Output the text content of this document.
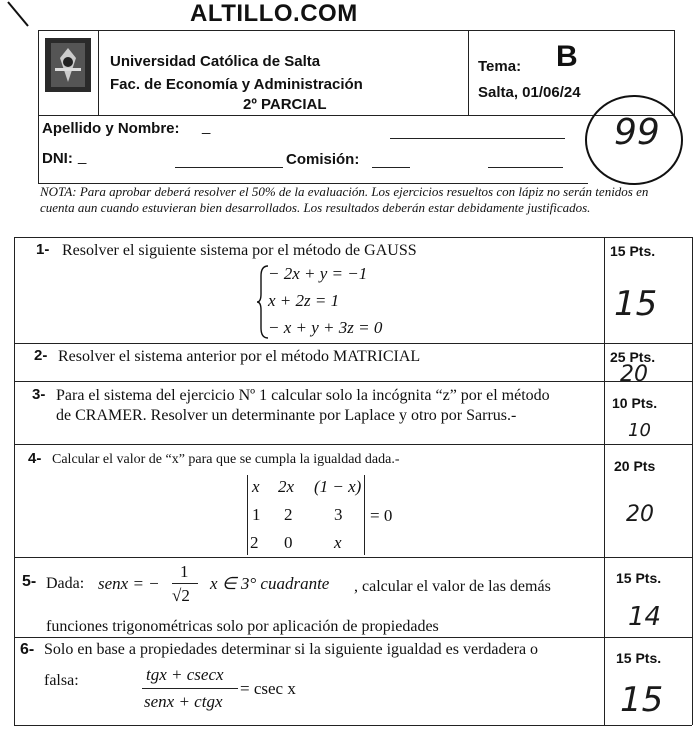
ALTILLO.COM
Universidad Católica de Salta
Fac. de Economía y Administración
2º PARCIAL
Tema: B
Salta, 01/06/24
99
Apellido y Nombre: _
DNI: _	Comisión:
NOTA: Para aprobar deberá resolver el 50% de la evaluación. Los ejercicios resueltos con lápiz no serán tenidos en cuenta aun cuando estuvieran bien desarrollados. Los resultados deberán estar debidamente justificados.
1- Resolver el siguiente sistema por el método de GAUSS
− 2x + y = −1
x + 2z = 1
− x + y + 3z = 0
15 Pts.
15
2- Resolver el sistema anterior por el método MATRICIAL	25 Pts.
20
3- Para el sistema del ejercicio Nº 1 calcular solo la incógnita “z” por el método
de CRAMER. Resolver un determinante por Laplace y otro por Sarrus.-
10 Pts.
10
4- Calcular el valor de “x” para que se cumpla la igualdad dada.-
x 2x (1 − x)
1 2 3
2 0 x
= 0
20 Pts
20
5- Dada: senx = −
1
√2
x ∈ 3° cuadrante , calcular el valor de las demás
funciones trigonométricas solo por aplicación de propiedades
15 Pts.
14
6- Solo en base a propiedades determinar si la siguiente igualdad es verdadera o
falsa:	tgx + csecx
senx + ctgx
= csec x
15 Pts.
15
